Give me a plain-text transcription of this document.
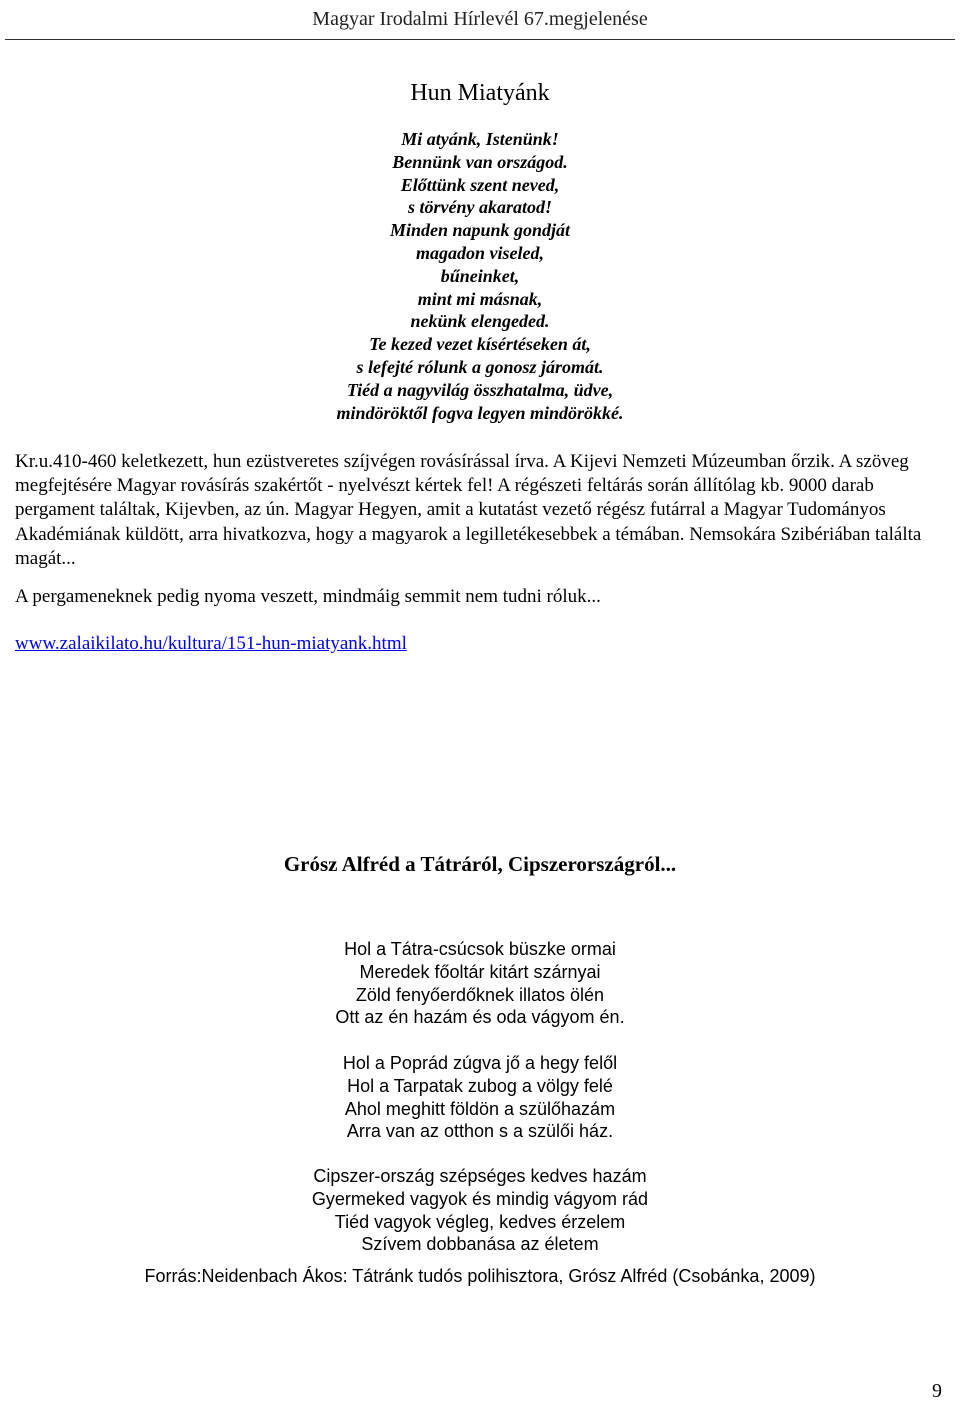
Magyar Irodalmi Hírlevél 67.megjelenése
Hun Miatyánk
Mi atyánk, Istenünk!
Bennünk van országod.
Előttünk szent neved,
s törvény akaratod!
Minden napunk gondját
magadon viseled,
bűneinket,
mint mi másnak,
nekünk elengeded.
Te kezed vezet kísértéseken át,
s lefejté rólunk a gonosz járomát.
Tiéd a nagyvilág összhatalma, üdve,
mindöröktől fogva legyen mindörökké.
Kr.u.410-460 keletkezett, hun ezüstveretes szíjvégen rovásírással írva. A Kijevi Nemzeti Múzeumban őrzik. A szöveg megfejtésére Magyar rovásírás szakértőt - nyelvészt kértek fel! A régészeti feltárás során állítólag kb. 9000 darab pergament találtak, Kijevben, az ún. Magyar Hegyen, amit a kutatást vezető régész futárral a Magyar Tudományos Akadémiának küldött, arra hivatkozva, hogy a magyarok a legilletékesebbek a témában. Nemsokára Szibériában találta magát...
A pergameneknek pedig nyoma veszett, mindmáig semmit nem tudni róluk...
www.zalaikilato.hu/kultura/151-hun-miatyank.html
Grósz Alfréd a Tátráról, Cipszerországról...
Hol a Tátra-csúcsok büszke ormai
Meredek főoltár kitárt szárnyai
Zöld fenyőerdőknek illatos ölén
Ott az én hazám és oda vágyom én.
Hol a Poprád zúgva jő a hegy felől
Hol a Tarpatak zubog a völgy felé
Ahol meghitt földön a szülőhazám
Arra van az otthon s a szülői ház.
Cipszer-ország szépséges kedves hazám
Gyermeked vagyok és mindig vágyom rád
Tiéd vagyok végleg, kedves érzelem
Szívem dobbanása az életem
Forrás:Neidenbach Ákos: Tátránk tudós polihisztora, Grósz Alfréd (Csobánka, 2009)
9
